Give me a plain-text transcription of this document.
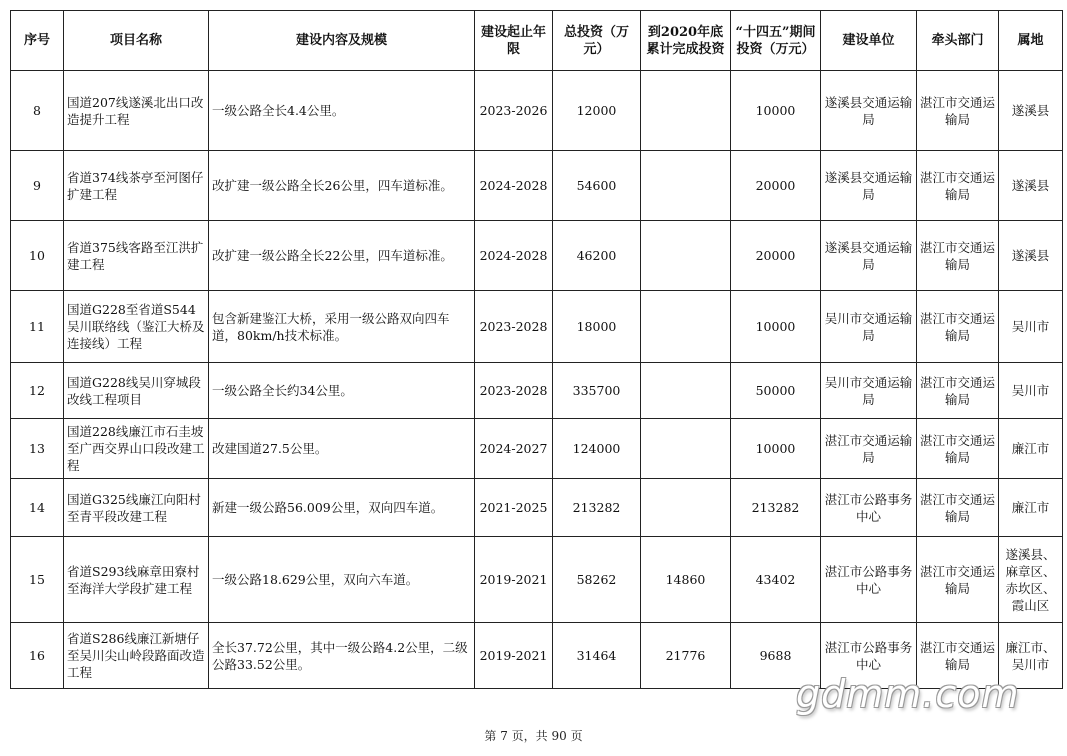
序号	项目名称	建设内容及规模	建设起止年限	总投资（万元）	到2020年底累计完成投资	“十四五”期间投资（万元）	建设单位	牵头部门	属地
8	国道207线遂溪北出口改造提升工程	一级公路全长4.4公里。	2023-2026	12000		10000	遂溪县交通运输局	湛江市交通运输局	遂溪县
9	省道374线茶亭至河图仔扩建工程	改扩建一级公路全长26公里，四车道标准。	2024-2028	54600		20000	遂溪县交通运输局	湛江市交通运输局	遂溪县
10	省道375线客路至江洪扩建工程	改扩建一级公路全长22公里，四车道标准。	2024-2028	46200		20000	遂溪县交通运输局	湛江市交通运输局	遂溪县
11	国道G228至省道S544吴川联络线（鉴江大桥及连接线）工程	包含新建鉴江大桥，采用一级公路双向四车道，80km/h技术标准。	2023-2028	18000		10000	吴川市交通运输局	湛江市交通运输局	吴川市
12	国道G228线吴川穿城段改线工程项目	一级公路全长约34公里。	2023-2028	335700		50000	吴川市交通运输局	湛江市交通运输局	吴川市
13	国道228线廉江市石圭坡至广西交界山口段改建工程	改建国道27.5公里。	2024-2027	124000		10000	湛江市交通运输局	湛江市交通运输局	廉江市
14	国道G325线廉江向阳村至青平段改建工程	新建一级公路56.009公里，双向四车道。	2021-2025	213282		213282	湛江市公路事务中心	湛江市交通运输局	廉江市
15	省道S293线麻章田寮村至海洋大学段扩建工程	一级公路18.629公里，双向六车道。	2019-2021	58262	14860	43402	湛江市公路事务中心	湛江市交通运输局	遂溪县、麻章区、赤坎区、霞山区
16	省道S286线廉江新塘仔至吴川尖山岭段路面改造工程	全长37.72公里，其中一级公路4.2公里，二级公路33.52公里。	2019-2021	31464	21776	9688	湛江市公路事务中心	湛江市交通运输局	廉江市、吴川市
gdmm.com
第 7 页，共 90 页
